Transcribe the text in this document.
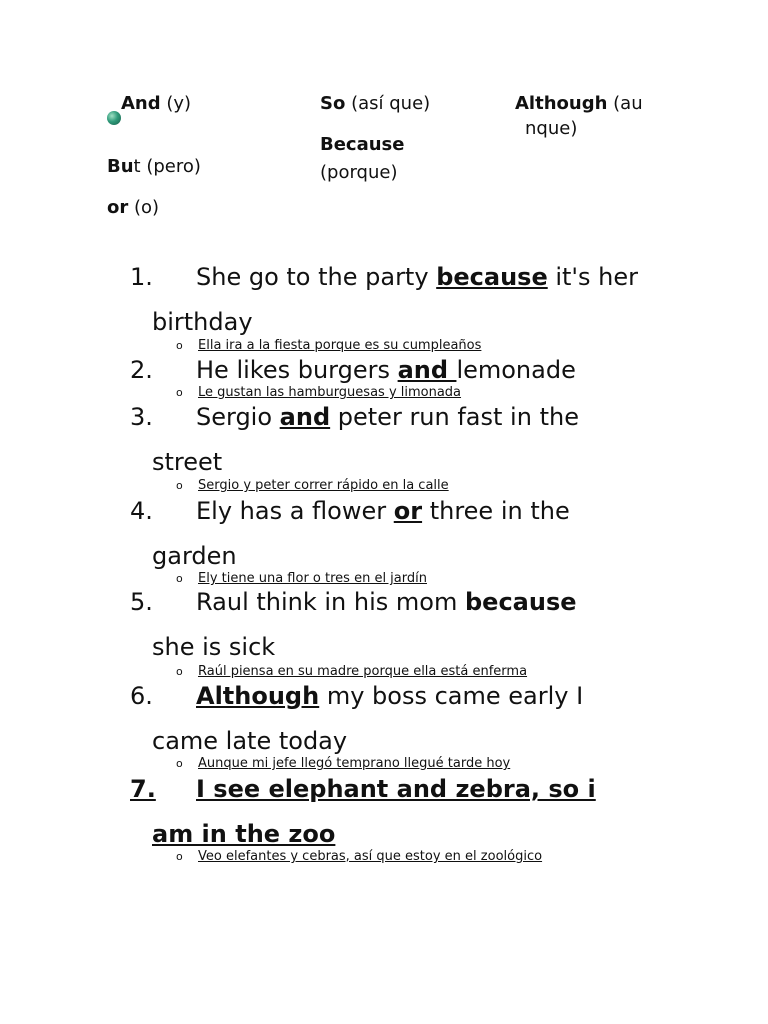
And (y)
But (pero)
or (o)
So (así que)
Because
(porque)
Although (au
nque)
1. She go to the party because it's her
birthday
o Ella ira a la fiesta porque es su cumpleaños
2. He likes burgers and lemonade
o Le gustan las hamburguesas y limonada
3. Sergio and peter run fast in the
street
o Sergio y peter correr rápido en la calle
4. Ely has a flower or three in the
garden
o Ely tiene una flor o tres en el jardín
5. Raul think in his mom because
she is sick
o Raúl piensa en su madre porque ella está enferma
6. Although my boss came early I
came late today
o Aunque mi jefe llegó temprano llegué tarde hoy
7. I see elephant and zebra, so i
am in the zoo
o Veo elefantes y cebras, así que estoy en el zoológico
